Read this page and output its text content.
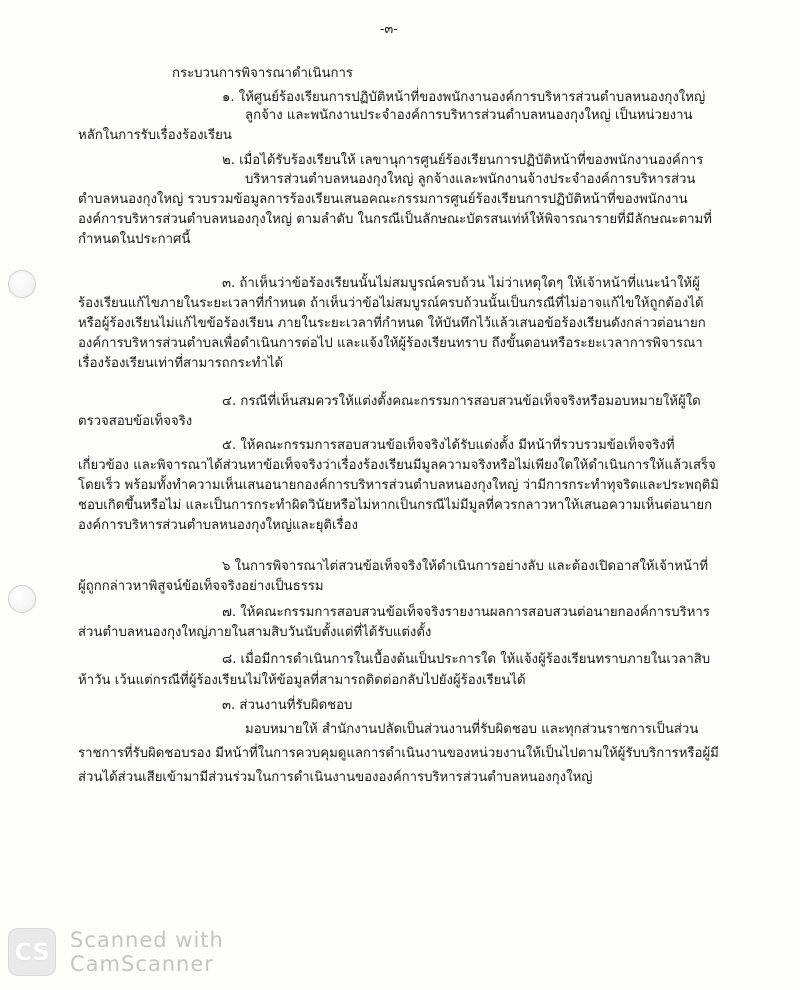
-๓-
กระบวนการพิจารณาดำเนินการ
๑. ให้ศูนย์ร้องเรียนการปฏิบัติหน้าที่ของพนักงานองค์การบริหารส่วนตำบลหนองกุงใหญ่
ลูกจ้าง และพนักงานประจำองค์การบริหารส่วนตำบลหนองกุงใหญ่ เป็นหน่วยงาน
หลักในการรับเรื่องร้องเรียน
๒. เมื่อได้รับร้องเรียนให้ เลขานุการศูนย์ร้องเรียนการปฏิบัติหน้าที่ของพนักงานองค์การ
บริหารส่วนตำบลหนองกุงใหญ่ ลูกจ้างและพนักงานจ้างประจำองค์การบริหารส่วน
ตำบลหนองกุงใหญ่ รวบรวมข้อมูลการร้องเรียนเสนอคณะกรรมการศูนย์ร้องเรียนการปฏิบัติหน้าที่ของพนักงาน
องค์การบริหารส่วนตำบลหนองกุงใหญ่ ตามลำดับ ในกรณีเป็นลักษณะบัตรสนเท่ห์ให้พิจารณารายที่มีลักษณะตามที่
กำหนดในประกาศนี้
๓. ถ้าเห็นว่าข้อร้องเรียนนั้นไม่สมบูรณ์ครบถ้วน ไม่ว่าเหตุใดๆ ให้เจ้าหน้าที่แนะนำให้ผู้
ร้องเรียนแก้ไขภายในระยะเวลาที่กำหนด ถ้าเห็นว่าข้อไม่สมบูรณ์ครบถ้วนนั้นเป็นกรณีที่ไม่อาจแก้ไขให้ถูกต้องได้
หรือผู้ร้องเรียนไม่แก้ไขข้อร้องเรียน ภายในระยะเวลาที่กำหนด ให้บันทึกไว้แล้วเสนอข้อร้องเรียนดังกล่าวต่อนายก
องค์การบริหารส่วนตำบลเพื่อดำเนินการต่อไป และแจ้งให้ผู้ร้องเรียนทราบ ถึงขั้นตอนหรือระยะเวลาการพิจารณา
เรื่องร้องเรียนเท่าที่สามารถกระทำได้
๔. กรณีที่เห็นสมควรให้แต่งตั้งคณะกรรมการสอบสวนข้อเท็จจริงหรือมอบหมายให้ผู้ใด
ตรวจสอบข้อเท็จจริง
๕. ให้คณะกรรมการสอบสวนข้อเท็จจริงได้รับแต่งตั้ง มีหน้าที่รวบรวมข้อเท็จจริงที่
เกี่ยวข้อง และพิจารณาได้ส่วนหาข้อเท็จจริงว่าเรื่องร้องเรียนมีมูลความจริงหรือไม่เพียงใดให้ดำเนินการให้แล้วเสร็จ
โดยเร็ว พร้อมทั้งทำความเห็นเสนอนายกองค์การบริหารส่วนตำบลหนองกุงใหญ่ ว่ามีการกระทำทุจริตและประพฤติมิ
ชอบเกิดขึ้นหรือไม่ และเป็นการกระทำผิดวินัยหรือไม่หากเป็นกรณีไม่มีมูลที่ควรกลาวหาให้เสนอความเห็นต่อนายก
องค์การบริหารส่วนตำบลหนองกุงใหญ่และยุติเรื่อง
๖ ในการพิจารณาไต่สวนข้อเท็จจริงให้ดำเนินการอย่างลับ และต้องเปิดอาสให้เจ้าหน้าที่
ผู้ถูกกล่าวหาพิสูจน์ข้อเท็จจริงอย่างเป็นธรรม
๗. ให้คณะกรรมการสอบสวนข้อเท็จจริงรายงานผลการสอบสวนต่อนายกองค์การบริหาร
ส่วนตำบลหนองกุงใหญ่ภายในสามสิบวันนับตั้งแต่ที่ได้รับแต่งตั้ง
๘. เมื่อมีการดำเนินการในเบื้องต้นเป็นประการใด ให้แจ้งผู้ร้องเรียนทราบภายในเวลาสิบ
ห้าวัน เว้นแต่กรณีที่ผู้ร้องเรียนไม่ให้ข้อมูลที่สามารถติดต่อกลับไปยังผู้ร้องเรียนได้
๓. ส่วนงานที่รับผิดชอบ
มอบหมายให้ สำนักงานปลัดเป็นส่วนงานที่รับผิดชอบ และทุกส่วนราชการเป็นส่วน
ราชการที่รับผิดชอบรอง มีหน้าที่ในการควบคุมดูแลการดำเนินงานของหน่วยงานให้เป็นไปตามให้ผู้รับบริการหรือผู้มี
ส่วนได้ส่วนเสียเข้ามามีส่วนร่วมในการดำเนินงานขององค์การบริหารส่วนตำบลหนองกุงใหญ่
CS Scanned with
CamScanner
